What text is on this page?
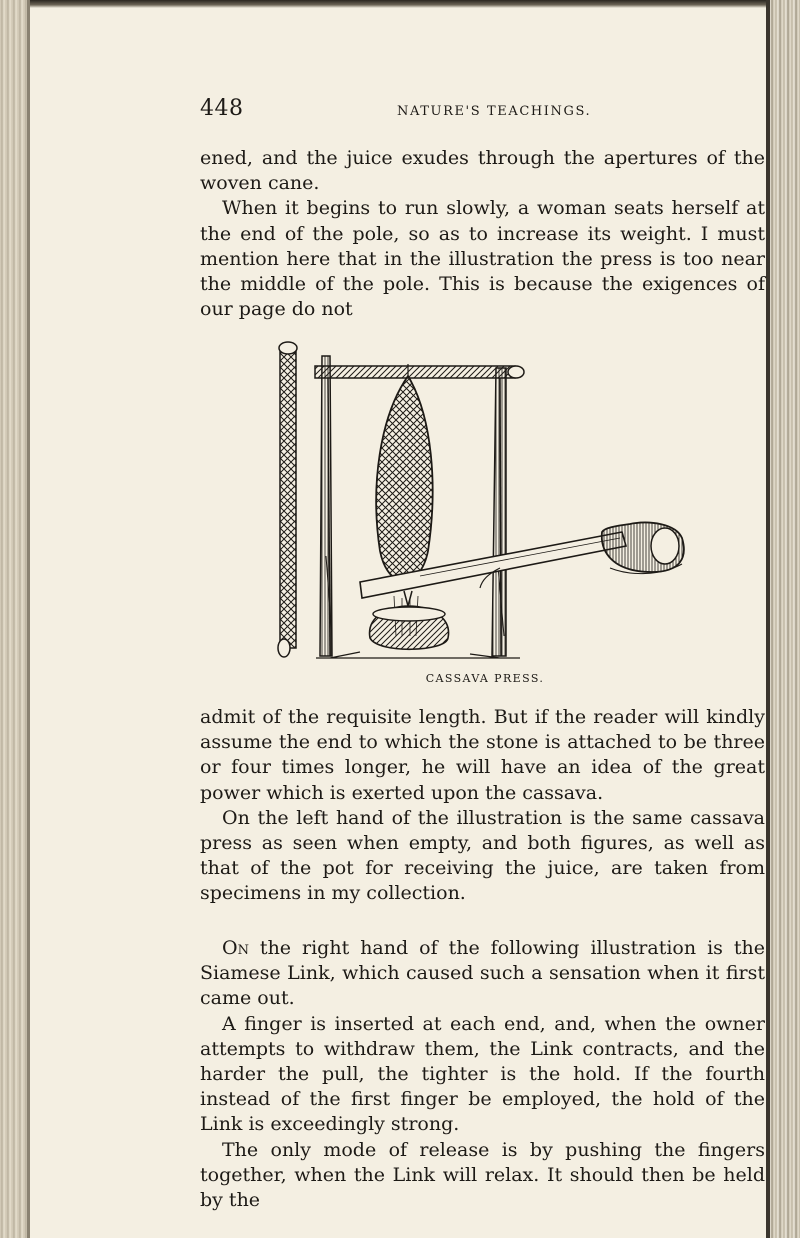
448	NATURE'S TEACHINGS.

ened, and the juice exudes through the apertures of the woven cane.

When it begins to run slowly, a woman seats herself at the end of the pole, so as to increase its weight. I must mention here that in the illustration the press is too near the middle of the pole. This is because the exigences of our page do not

CASSAVA PRESS.

admit of the requisite length. But if the reader will kindly assume the end to which the stone is attached to be three or four times longer, he will have an idea of the great power which is exerted upon the cassava.

On the left hand of the illustration is the same cassava press as seen when empty, and both figures, as well as that of the pot for receiving the juice, are taken from specimens in my collection.

On the right hand of the following illustration is the Siamese Link, which caused such a sensation when it first came out.

A finger is inserted at each end, and, when the owner attempts to withdraw them, the Link contracts, and the harder the pull, the tighter is the hold. If the fourth instead of the first finger be employed, the hold of the Link is exceedingly strong.

The only mode of release is by pushing the fingers together, when the Link will relax. It should then be held by the
